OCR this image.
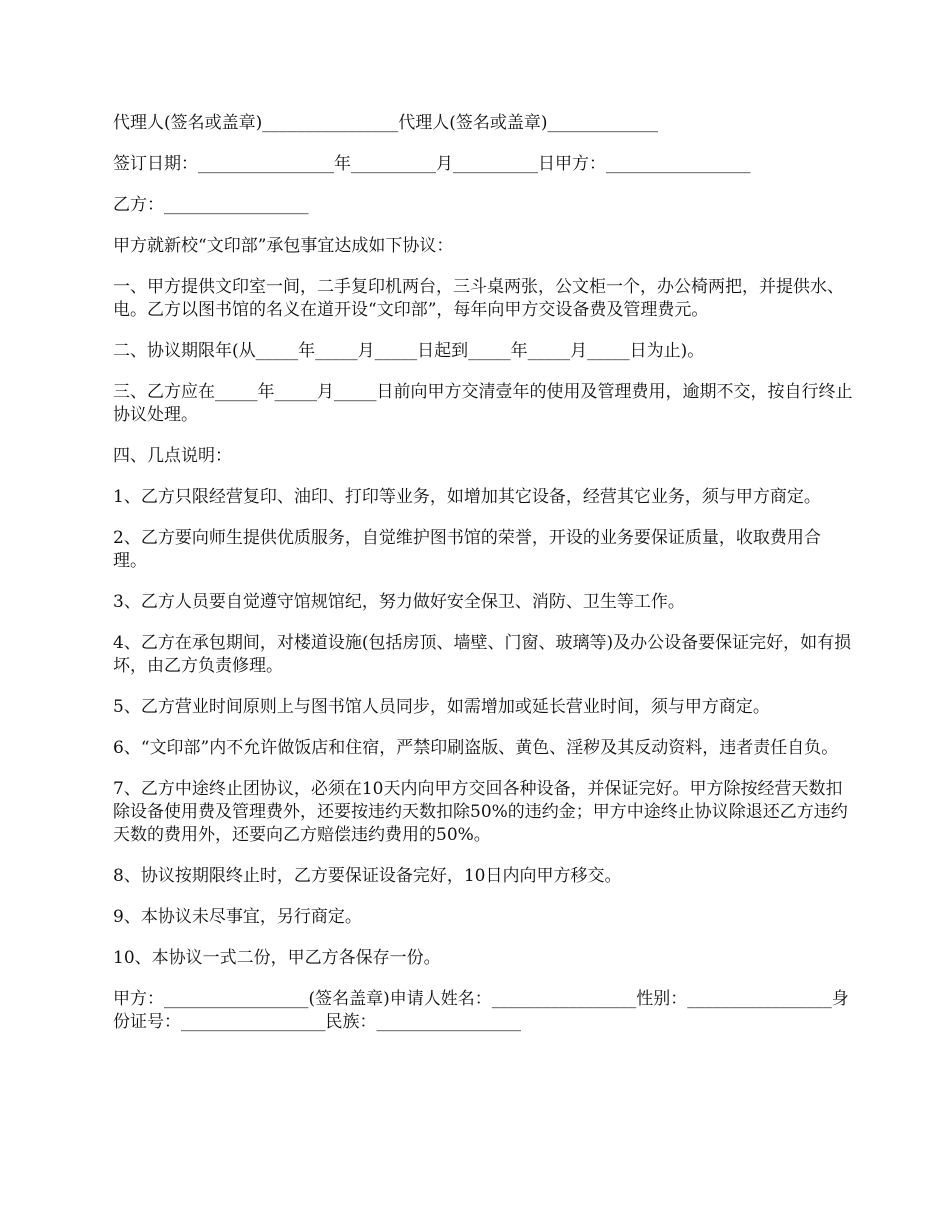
代理人(签名或盖章)________________代理人(签名或盖章)_____________

签订日期：________________年__________月__________日甲方：_________________

乙方：_________________

甲方就新校“文印部”承包事宜达成如下协议：

一、甲方提供文印室一间，二手复印机两台，三斗桌两张，公文柜一个，办公椅两把，并提供水、电。乙方以图书馆的名义在道开设“文印部”，每年向甲方交设备费及管理费元。

二、协议期限年(从_____年_____月_____日起到_____年_____月_____日为止)。

三、乙方应在_____年_____月_____日前向甲方交清壹年的使用及管理费用，逾期不交，按自行终止协议处理。

四、几点说明：

1、乙方只限经营复印、油印、打印等业务，如增加其它设备，经营其它业务，须与甲方商定。

2、乙方要向师生提供优质服务，自觉维护图书馆的荣誉，开设的业务要保证质量，收取费用合理。

3、乙方人员要自觉遵守馆规馆纪，努力做好安全保卫、消防、卫生等工作。

4、乙方在承包期间，对楼道设施(包括房顶、墙壁、门窗、玻璃等)及办公设备要保证完好，如有损坏，由乙方负责修理。

5、乙方营业时间原则上与图书馆人员同步，如需增加或延长营业时间，须与甲方商定。

6、“文印部”内不允许做饭店和住宿，严禁印刷盗版、黄色、淫秽及其反动资料，违者责任自负。

7、乙方中途终止团协议，必须在10天内向甲方交回各种设备，并保证完好。甲方除按经营天数扣除设备使用费及管理费外，还要按违约天数扣除50%的违约金；甲方中途终止协议除退还乙方违约天数的费用外，还要向乙方赔偿违约费用的50%。

8、协议按期限终止时，乙方要保证设备完好，10日内向甲方移交。

9、本协议未尽事宜，另行商定。

10、本协议一式二份，甲乙方各保存一份。

甲方：_________________(签名盖章)申请人姓名：_________________性别：_________________身份证号：_________________民族：_________________
